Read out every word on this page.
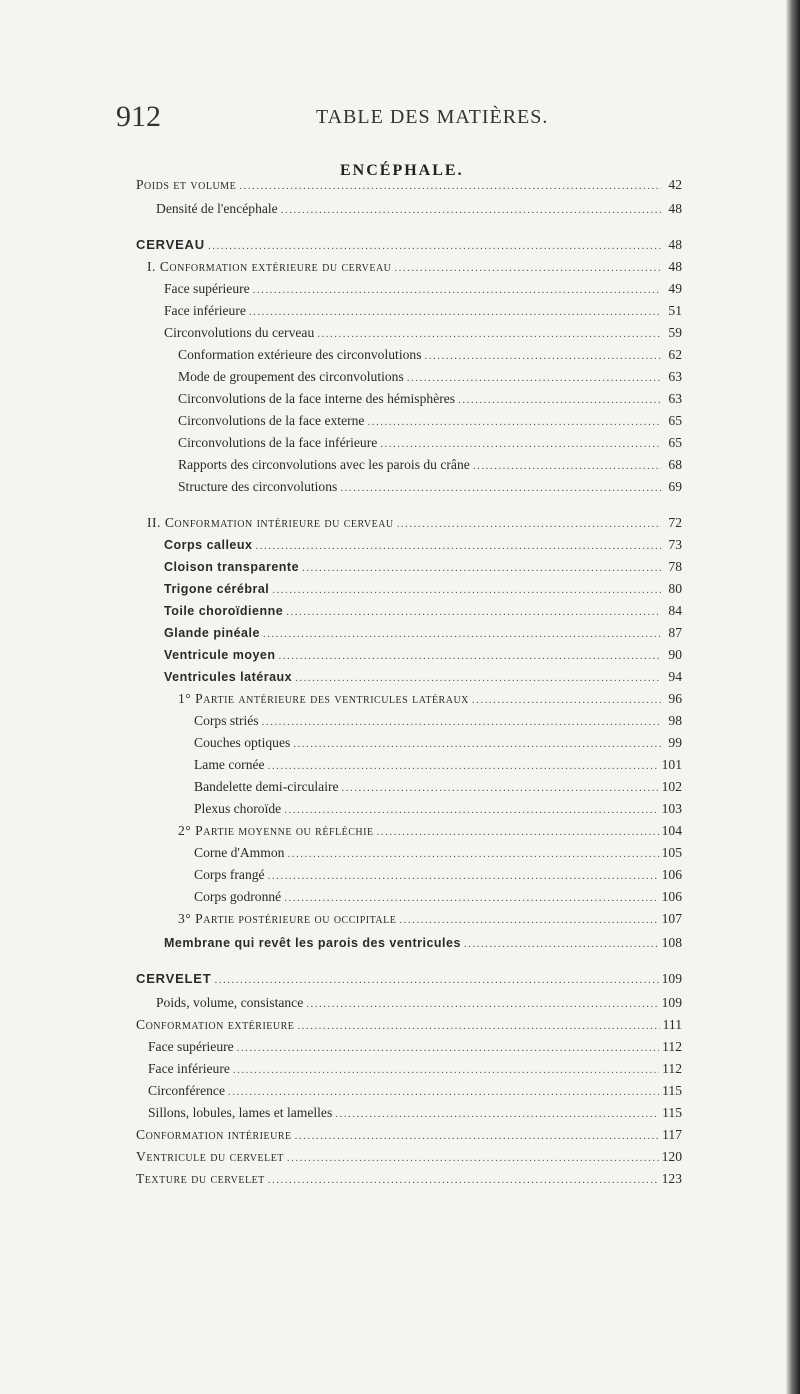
912	TABLE DES MATIÈRES.
ENCÉPHALE.
Poids et volume .....	42
Densité de l'encéphale .....	48
CERVEAU .....	48
I. Conformation extérieure du cerveau .....	48
Face supérieure .....	49
Face inférieure .....	51
Circonvolutions du cerveau .....	59
Conformation extérieure des circonvolutions .....	62
Mode de groupement des circonvolutions .....	63
Circonvolutions de la face interne des hémisphères .....	63
Circonvolutions de la face externe .....	65
Circonvolutions de la face inférieure .....	65
Rapports des circonvolutions avec les parois du crâne .....	68
Structure des circonvolutions .....	69
II. Conformation intérieure du cerveau .....	72
Corps calleux .....	73
Cloison transparente .....	78
Trigone cérébral .....	80
Toile choroïdienne .....	84
Glande pinéale .....	87
Ventricule moyen .....	90
Ventricules latéraux .....	94
1° Partie antérieure des ventricules latéraux .....	96
Corps striés .....	98
Couches optiques .....	99
Lame cornée .....	101
Bandelette demi-circulaire .....	102
Plexus choroïde .....	103
2° Partie moyenne ou réfléchie .....	104
Corne d'Ammon .....	105
Corps frangé .....	106
Corps godronné .....	106
3° Partie postérieure ou occipitale .....	107
Membrane qui revêt les parois des ventricules .....	108
CERVELET .....	109
Poids, volume, consistance .....	109
Conformation extérieure .....	111
Face supérieure .....	112
Face inférieure .....	112
Circonférence .....	115
Sillons, lobules, lames et lamelles .....	115
Conformation intérieure .....	117
Ventricule du cervelet .....	120
Texture du cervelet .....	123
